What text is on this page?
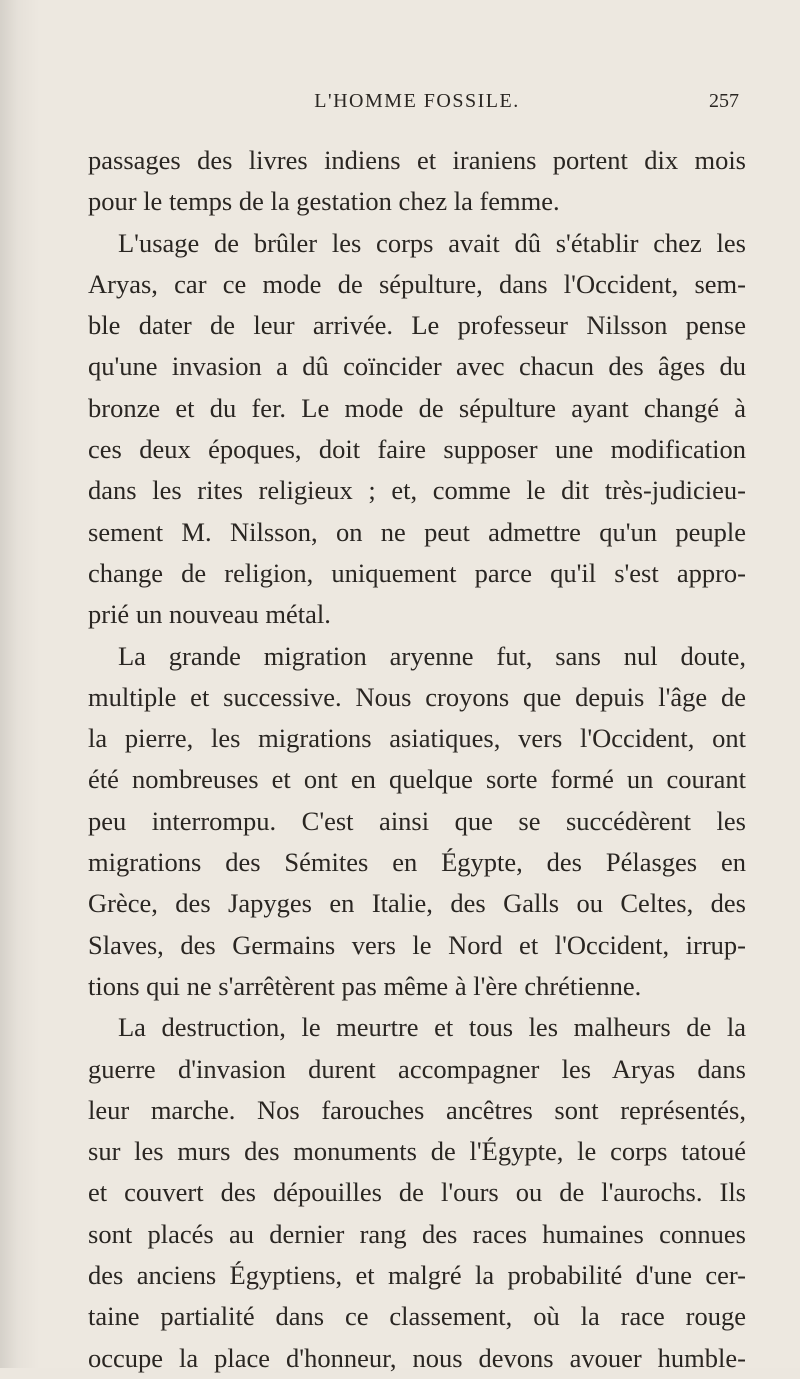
L'HOMME FOSSILE.	257
passages des livres indiens et iraniens portent dix mois
pour le temps de la gestation chez la femme.
L'usage de brûler les corps avait dû s'établir chez les
Aryas, car ce mode de sépulture, dans l'Occident, sem-
ble dater de leur arrivée. Le professeur Nilsson pense
qu'une invasion a dû coïncider avec chacun des âges du
bronze et du fer. Le mode de sépulture ayant changé à
ces deux époques, doit faire supposer une modification
dans les rites religieux ; et, comme le dit très-judicieu-
sement M. Nilsson, on ne peut admettre qu'un peuple
change de religion, uniquement parce qu'il s'est appro-
prié un nouveau métal.
La grande migration aryenne fut, sans nul doute,
multiple et successive. Nous croyons que depuis l'âge de
la pierre, les migrations asiatiques, vers l'Occident, ont
été nombreuses et ont en quelque sorte formé un courant
peu interrompu. C'est ainsi que se succédèrent les
migrations des Sémites en Égypte, des Pélasges en
Grèce, des Japyges en Italie, des Galls ou Celtes, des
Slaves, des Germains vers le Nord et l'Occident, irrup-
tions qui ne s'arrêtèrent pas même à l'ère chrétienne.
La destruction, le meurtre et tous les malheurs de la
guerre d'invasion durent accompagner les Aryas dans
leur marche. Nos farouches ancêtres sont représentés,
sur les murs des monuments de l'Égypte, le corps tatoué
et couvert des dépouilles de l'ours ou de l'aurochs. Ils
sont placés au dernier rang des races humaines connues
des anciens Égyptiens, et malgré la probabilité d'une cer-
taine partialité dans ce classement, où la race rouge
occupe la place d'honneur, nous devons avouer humble-
